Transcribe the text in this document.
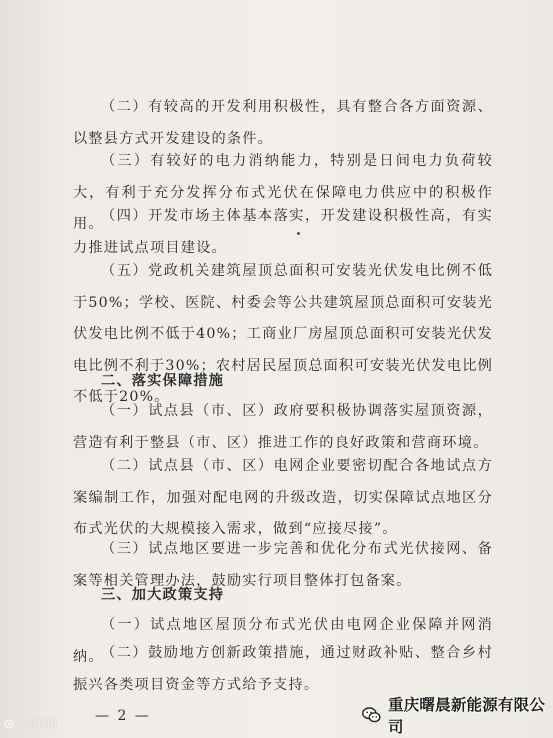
（二）有较高的开发利用积极性，具有整合各方面资源、以整县方式开发建设的条件。

（三）有较好的电力消纳能力，特别是日间电力负荷较大，有利于充分发挥分布式光伏在保障电力供应中的积极作用。

（四）开发市场主体基本落实，开发建设积极性高，有实力推进试点项目建设。

（五）党政机关建筑屋顶总面积可安装光伏发电比例不低于50%；学校、医院、村委会等公共建筑屋顶总面积可安装光伏发电比例不低于40%；工商业厂房屋顶总面积可安装光伏发电比例不利于30%；农村居民屋顶总面积可安装光伏发电比例不低于20%。

二、落实保障措施

（一）试点县（市、区）政府要积极协调落实屋顶资源，营造有利于整县（市、区）推进工作的良好政策和营商环境。

（二）试点县（市、区）电网企业要密切配合各地试点方案编制工作，加强对配电网的升级改造，切实保障试点地区分布式光伏的大规模接入需求，做到“应接尽接”。

（三）试点地区要进一步完善和优化分布式光伏接网、备案等相关管理办法，鼓励实行项目整体打包备案。

三、加大政策支持

（一）试点地区屋顶分布式光伏由电网企业保障并网消纳。

（二）鼓励地方创新政策措施，通过财政补贴、整合乡村振兴各类项目资金等方式给予支持。

— 2 —
大数据网
重庆曙晨新能源有限公司
